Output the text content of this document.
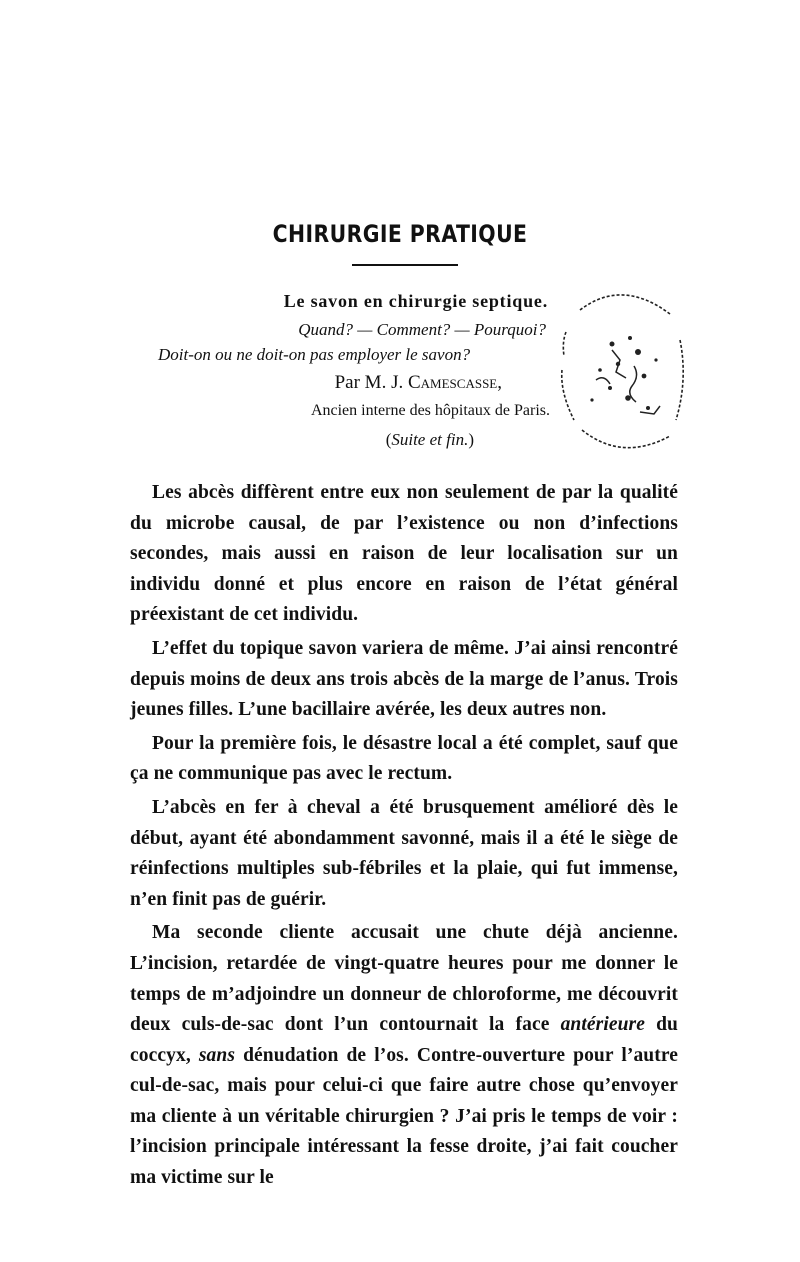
CHIRURGIE PRATIQUE
Le savon en chirurgie septique.
Quand? — Comment? — Pourquoi?
Doit-on ou ne doit-on pas employer le savon?
Par M. J. Camescasse,
Ancien interne des hôpitaux de Paris.
(Suite et fin.)

Les abcès diffèrent entre eux non seulement de par la qualité du microbe causal, de par l’existence ou non d’infections secondes, mais aussi en raison de leur localisation sur un individu donné et plus encore en raison de l’état général préexistant de cet individu.

L’effet du topique savon variera de même. J’ai ainsi rencontré depuis moins de deux ans trois abcès de la marge de l’anus. Trois jeunes filles. L’une bacillaire avérée, les deux autres non.

Pour la première fois, le désastre local a été complet, sauf que ça ne communique pas avec le rectum.

L’abcès en fer à cheval a été brusquement amélioré dès le début, ayant été abondamment savonné, mais il a été le siège de réinfections multiples sub-fébriles et la plaie, qui fut immense, n’en finit pas de guérir.

Ma seconde cliente accusait une chute déjà ancienne. L’incision, retardée de vingt-quatre heures pour me donner le temps de m’adjoindre un donneur de chloroforme, me découvrit deux culs-de-sac dont l’un contournait la face antérieure du coccyx, sans dénudation de l’os. Contre-ouverture pour l’autre cul-de-sac, mais pour celui-ci que faire autre chose qu’envoyer ma cliente à un véritable chirurgien ? J’ai pris le temps de voir : l’incision principale intéressant la fesse droite, j’ai fait coucher ma victime sur le
